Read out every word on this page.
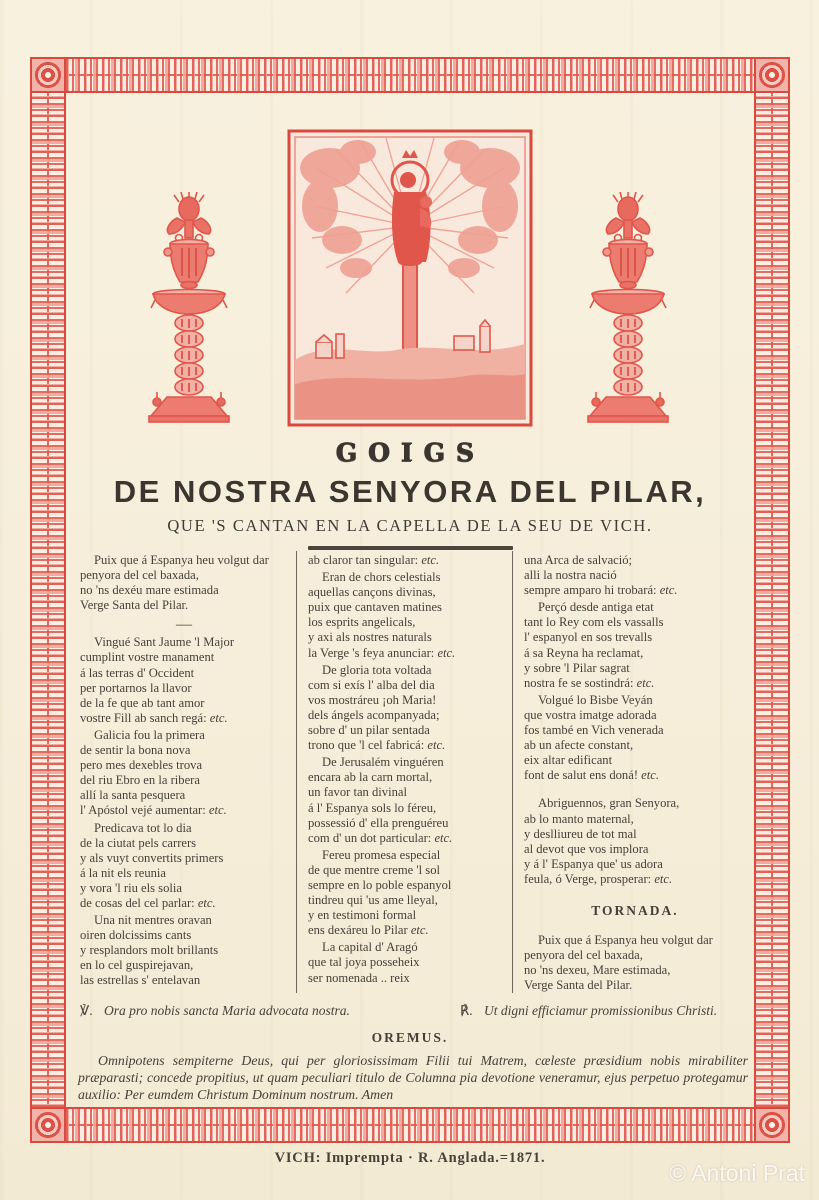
GOIGS
DE NOSTRA SENYORA DEL PILAR,
QUE 'S CANTAN EN LA CAPELLA DE LA SEU DE VICH.
Puix que á Espanya heu volgut dar
penyora del cel baxada,
no 'ns dexéu mare estimada
Verge Santa del Pilar.
—
Vingué Sant Jaume 'l Major
cumplint vostre manament
á las terras d' Occident
per portarnos la llavor
de la fe que ab tant amor
vostre Fill ab sanch regá: etc.
Galicia fou la primera
de sentir la bona nova
pero mes dexebles trova
del riu Ebro en la ribera
allí la santa pesquera
l' Apóstol vejé aumentar: etc.
Predicava tot lo dia
de la ciutat pels carrers
y als vuyt convertits primers
á la nit els reunia
y vora 'l riu els solia
de cosas del cel parlar: etc.
Una nit mentres oravan
oiren dolcissims cants
y resplandors molt brillants
en lo cel guspirejavan,
las estrellas s' entelavan
ab claror tan singular: etc.
Eran de chors celestials
aquellas cançons divinas,
puix que cantaven matines
los esprits angelicals,
y axi als nostres naturals
la Verge 's feya anunciar: etc.
De gloria tota voltada
com si exís l' alba del dia
vos mostráreu ¡oh Maria!
dels ángels acompanyada;
sobre d' un pilar sentada
trono que 'l cel fabricá: etc.
De Jerusalém vinguéren
encara ab la carn mortal,
un favor tan divinal
á l' Espanya sols lo féreu,
possessió d' ella prenguéreu
com d' un dot particular: etc.
Fereu promesa especial
de que mentre creme 'l sol
sempre en lo poble espanyol
tindreu qui 'us ame lleyal,
y en testimoni formal
ens dexáreu lo Pilar etc.
La capital d' Aragó
que tal joya posseheix
ser nomenada .. reix
una Arca de salvació;
alli la nostra nació
sempre amparo hi trobará: etc.
Perçó desde antiga etat
tant lo Rey com els vassalls
l' espanyol en sos trevalls
á sa Reyna ha reclamat,
y sobre 'l Pilar sagrat
nostra fe se sostindrá: etc.
Volgué lo Bisbe Veyán
que vostra imatge adorada
fos també en Vich venerada
ab un afecte constant,
eix altar edificant
font de salut ens doná! etc.
Abriguennos, gran Senyora,
ab lo manto maternal,
y deslliureu de tot mal
al devot que vos implora
y á l' Espanya que' us adora
feula, ó Verge, prosperar: etc.
TORNADA.
Puix que á Espanya heu volgut dar
penyora del cel baxada,
no 'ns dexeu, Mare estimada,
Verge Santa del Pilar.
℣. Ora pro nobis sancta Maria advocata nostra.	℟. Ut digni efficiamur promissionibus Christi.
OREMUS.
Omnipotens sempiterne Deus, qui per gloriosissimam Filii tui Matrem, cæleste præsidium nobis mirabiliter præparasti; concede propitius, ut quam peculiari titulo de Columna pia devotione veneramur, ejus perpetuo protegamur auxilio: Per eumdem Christum Dominum nostrum. Amen
VICH: Imprempta · R. Anglada.=1871.
© Antoni Prat
